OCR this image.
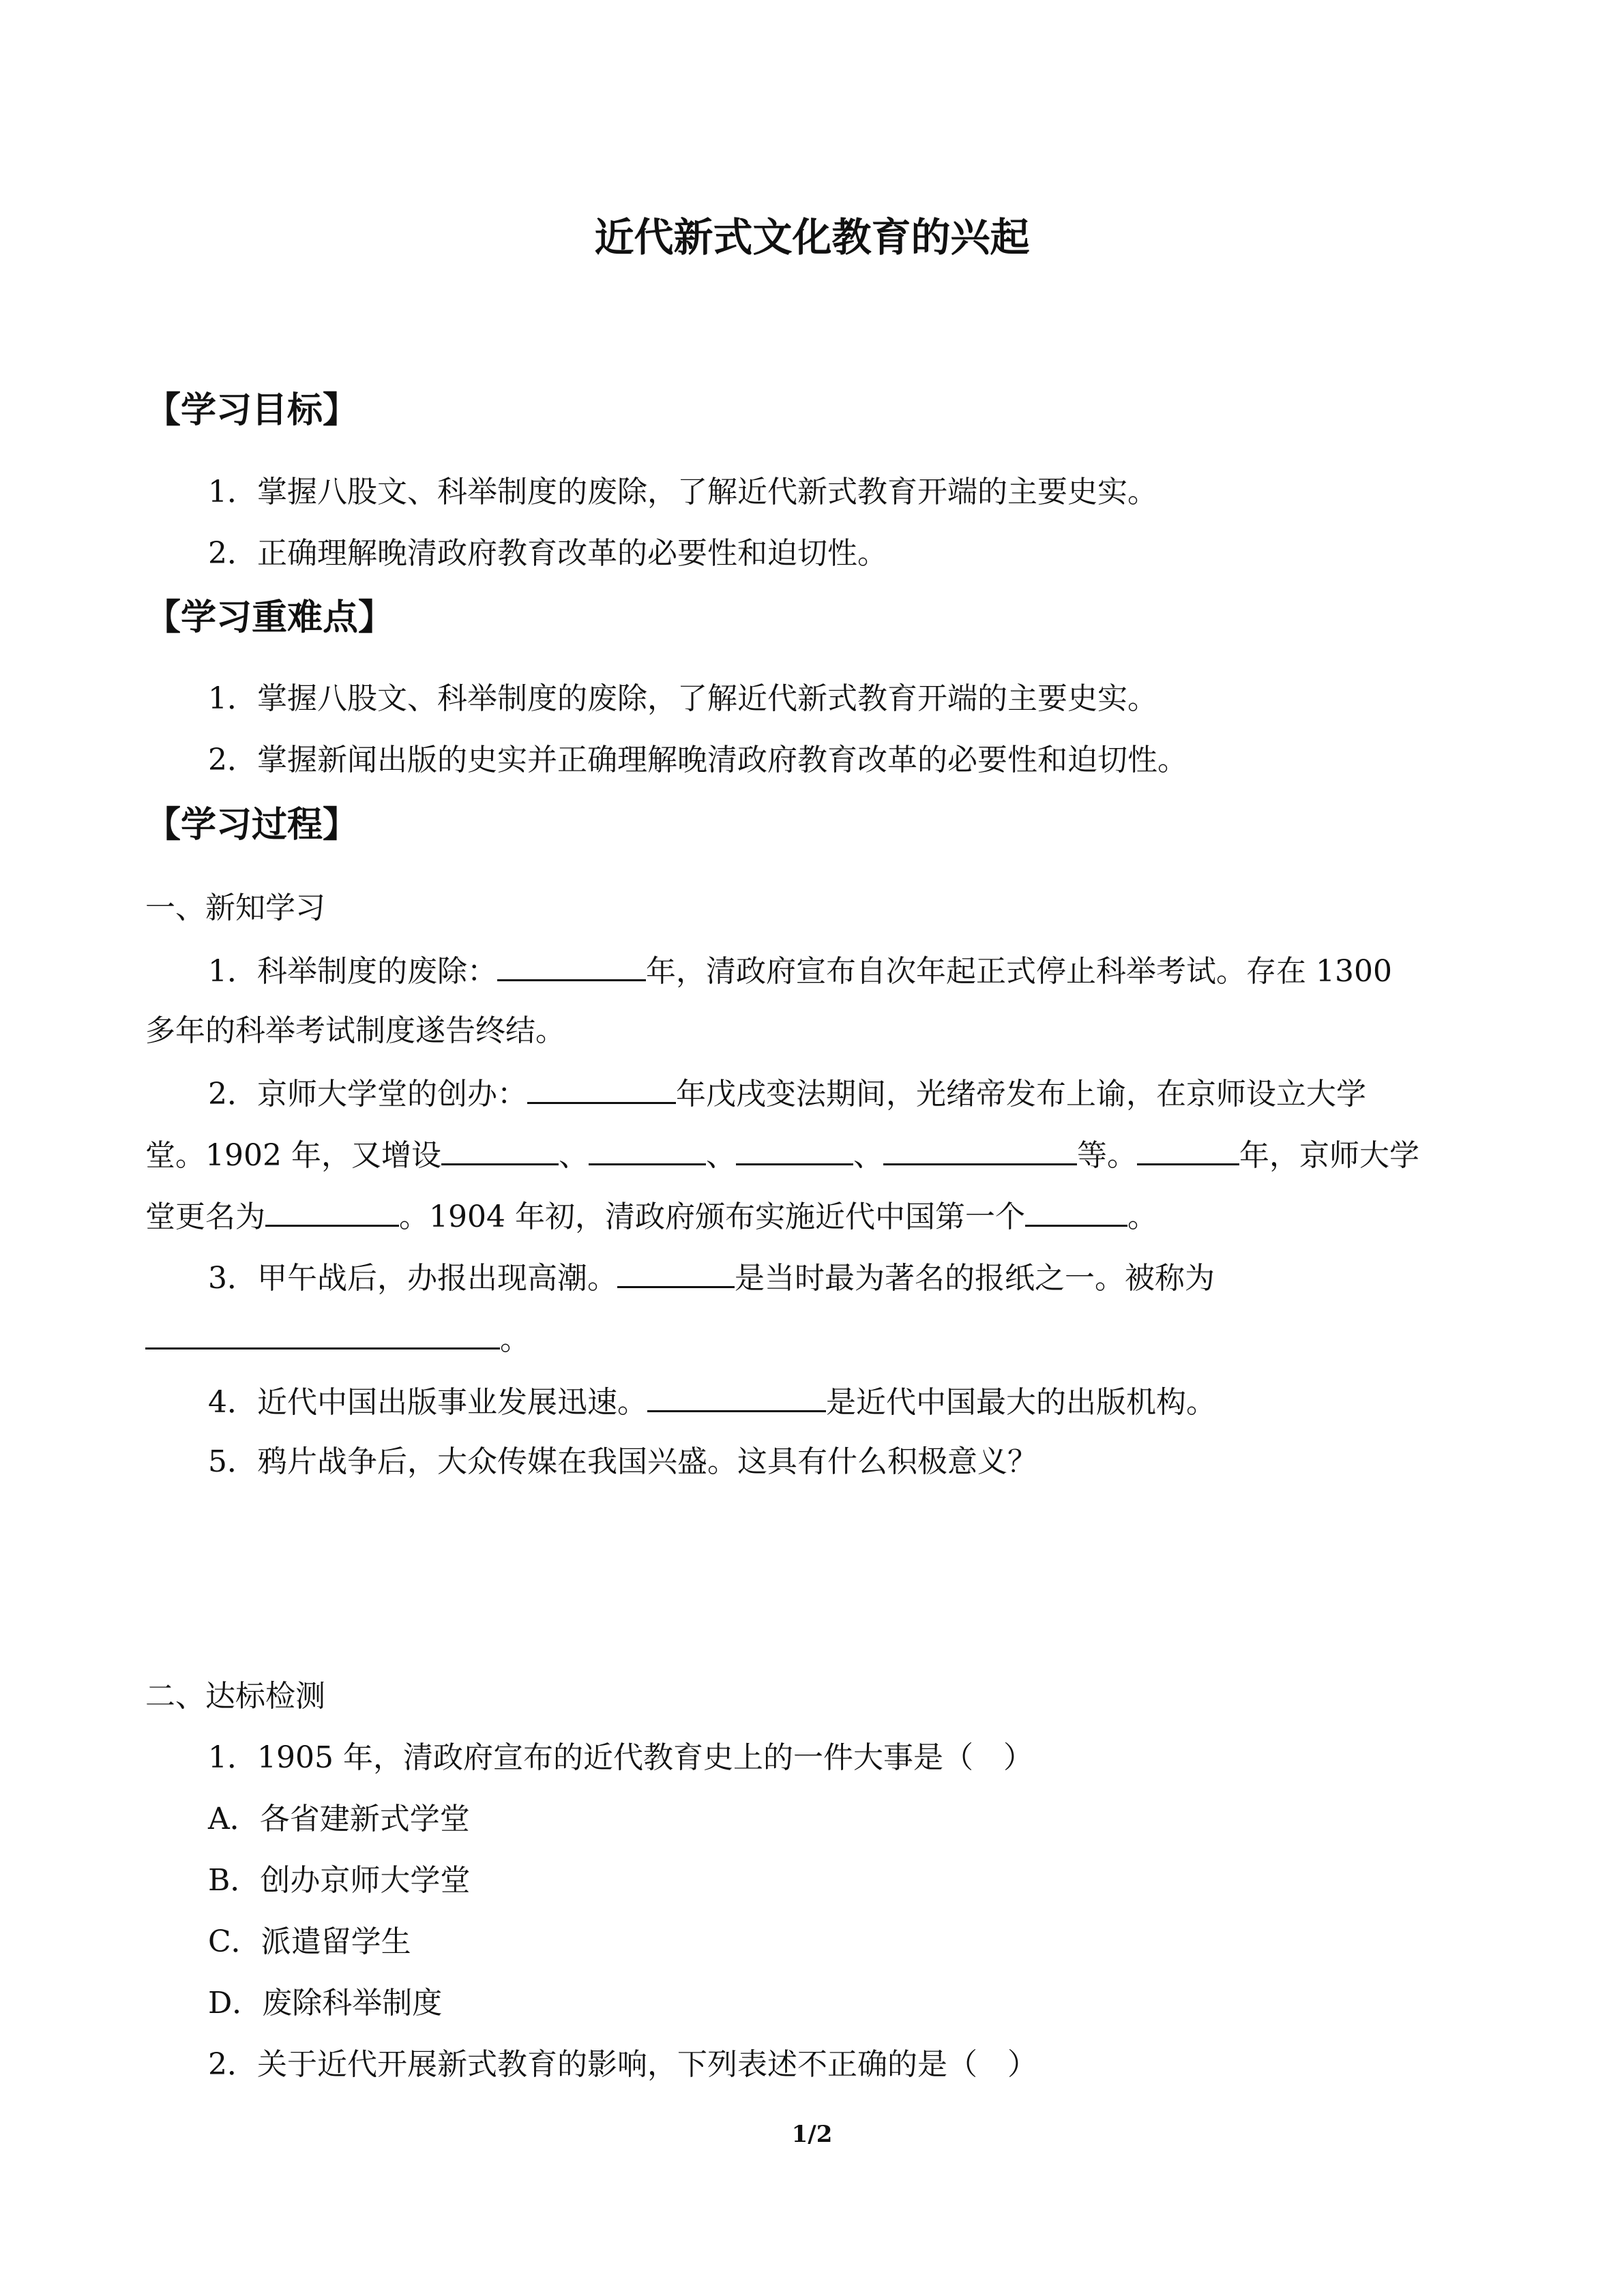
近代新式文化教育的兴起
【学习目标】
1．掌握八股文、科举制度的废除，了解近代新式教育开端的主要史实。
2．正确理解晚清政府教育改革的必要性和迫切性。
【学习重难点】
1．掌握八股文、科举制度的废除，了解近代新式教育开端的主要史实。
2．掌握新闻出版的史实并正确理解晚清政府教育改革的必要性和迫切性。
【学习过程】
一、新知学习
1．科举制度的废除：	年，清政府宣布自次年起正式停止科举考试。存在 1300
多年的科举考试制度遂告终结。
2．京师大学堂的创办：	年戊戌变法期间，光绪帝发布上谕，在京师设立大学
堂。1902 年，又增设	、	、	、	等。	年，京师大学
堂更名为	。1904 年初，清政府颁布实施近代中国第一个	。
3．甲午战后，办报出现高潮。	是当时最为著名的报纸之一。被称为
。
4．近代中国出版事业发展迅速。	是近代中国最大的出版机构。
5．鸦片战争后，大众传媒在我国兴盛。这具有什么积极意义？
二、达标检测
1．1905 年，清政府宣布的近代教育史上的一件大事是（　）
A．各省建新式学堂
B．创办京师大学堂
C．派遣留学生
D．废除科举制度
2．关于近代开展新式教育的影响，下列表述不正确的是（　）
1/2
